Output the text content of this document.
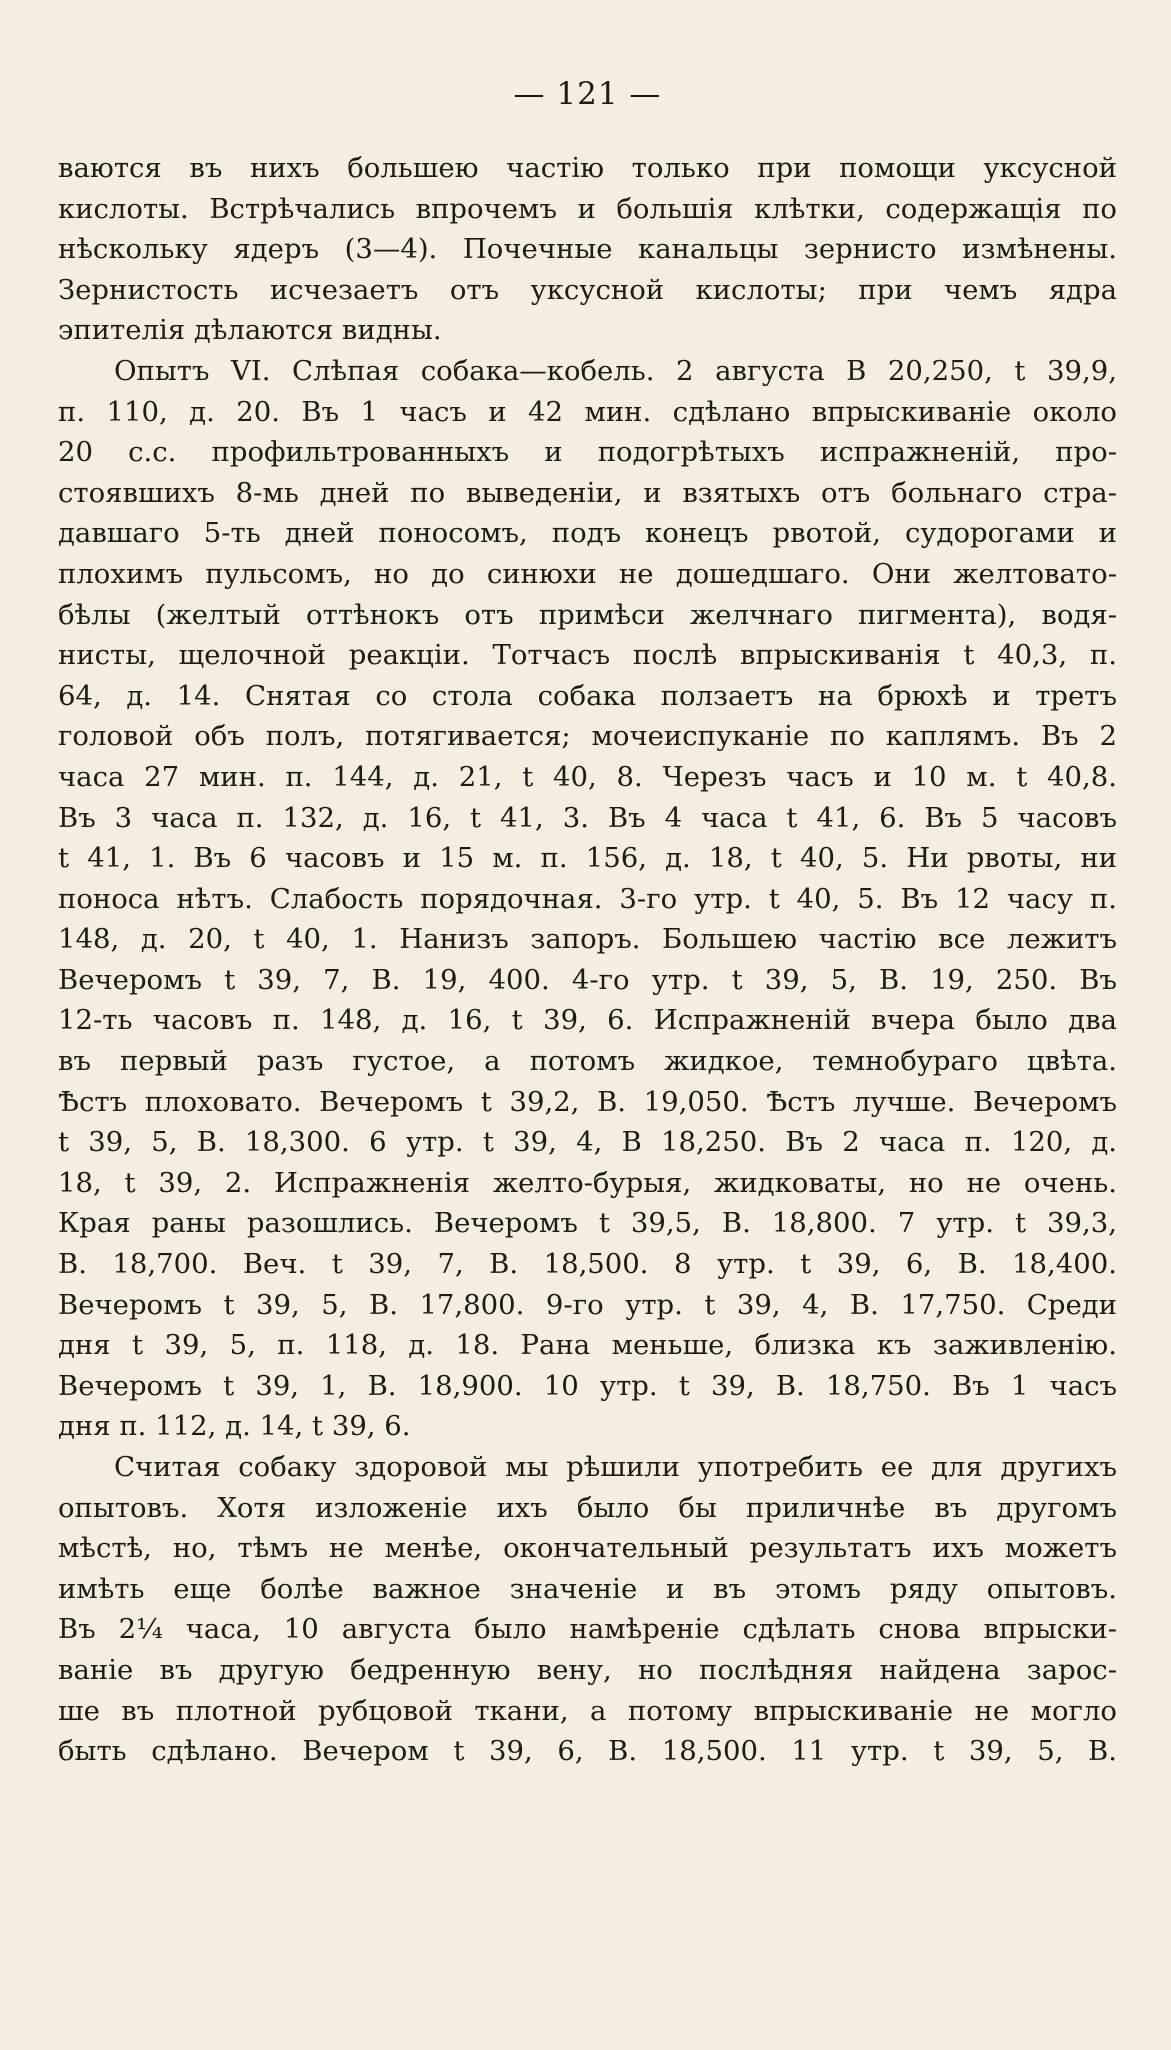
— 121 —
ваются въ нихъ большею частію только при помощи уксусной
кислоты. Встрѣчались впрочемъ и большія клѣтки, содержащія по
нѣскольку ядеръ (3—4). Почечные канальцы зернисто измѣнены.
Зернистость исчезаетъ отъ уксусной кислоты; при чемъ ядра
эпителія дѣлаются видны.
Опытъ VI. Слѣпая собака—кобель. 2 августа В 20,250, t 39,9,
п. 110, д. 20. Въ 1 часъ и 42 мин. сдѣлано впрыскиваніе около
20 с.с. профильтрованныхъ и подогрѣтыхъ испражненій, про-
стоявшихъ 8-мь дней по выведеніи, и взятыхъ отъ больнаго стра-
давшаго 5-ть дней поносомъ, подъ конецъ рвотой, судорогами и
плохимъ пульсомъ, но до синюхи не дошедшаго. Они желтовато-
бѣлы (желтый оттѣнокъ отъ примѣси желчнаго пигмента), водя-
нисты, щелочной реакціи. Тотчасъ послѣ впрыскиванія t 40,3, п.
64, д. 14. Снятая со стола собака ползаетъ на брюхѣ и третъ
головой объ полъ, потягивается; мочеиспуканіе по каплямъ. Въ 2
часа 27 мин. п. 144, д. 21, t 40, 8. Черезъ часъ и 10 м. t 40,8.
Въ 3 часа п. 132, д. 16, t 41, 3. Въ 4 часа t 41, 6. Въ 5 часовъ
t 41, 1. Въ 6 часовъ и 15 м. п. 156, д. 18, t 40, 5. Ни рвоты, ни
поноса нѣтъ. Слабость порядочная. 3-го утр. t 40, 5. Въ 12 часу п.
148, д. 20, t 40, 1. Нанизъ запоръ. Большею частію все лежитъ
Вечеромъ t 39, 7, В. 19, 400. 4-го утр. t 39, 5, В. 19, 250. Въ
12-ть часовъ п. 148, д. 16, t 39, 6. Испражненій вчера было два
въ первый разъ густое, а потомъ жидкое, темнобураго цвѣта.
Ѣстъ плоховато. Вечеромъ t 39,2, В. 19,050. Ѣстъ лучше. Вечеромъ
t 39, 5, В. 18,300. 6 утр. t 39, 4, В 18,250. Въ 2 часа п. 120, д.
18, t 39, 2. Испражненія желто-бурыя, жидковаты, но не очень.
Края раны разошлись. Вечеромъ t 39,5, В. 18,800. 7 утр. t 39,3,
В. 18,700. Веч. t 39, 7, В. 18,500. 8 утр. t 39, 6, В. 18,400.
Вечеромъ t 39, 5, В. 17,800. 9-го утр. t 39, 4, В. 17,750. Среди
дня t 39, 5, п. 118, д. 18. Рана меньше, близка къ заживленію.
Вечеромъ t 39, 1, В. 18,900. 10 утр. t 39, В. 18,750. Въ 1 часъ
дня п. 112, д. 14, t 39, 6.
Считая собаку здоровой мы рѣшили употребить ее для другихъ
опытовъ. Хотя изложеніе ихъ было бы приличнѣе въ другомъ
мѣстѣ, но, тѣмъ не менѣе, окончательный результатъ ихъ можетъ
имѣть еще болѣе важное значеніе и въ этомъ ряду опытовъ.
Въ 2¼ часа, 10 августа было намѣреніе сдѣлать снова впрыски-
ваніе въ другую бедренную вену, но послѣдняя найдена зарос-
ше въ плотной рубцовой ткани, а потому впрыскиваніе не могло
быть сдѣлано. Вечером t 39, 6, В. 18,500. 11 утр. t 39, 5, В.
